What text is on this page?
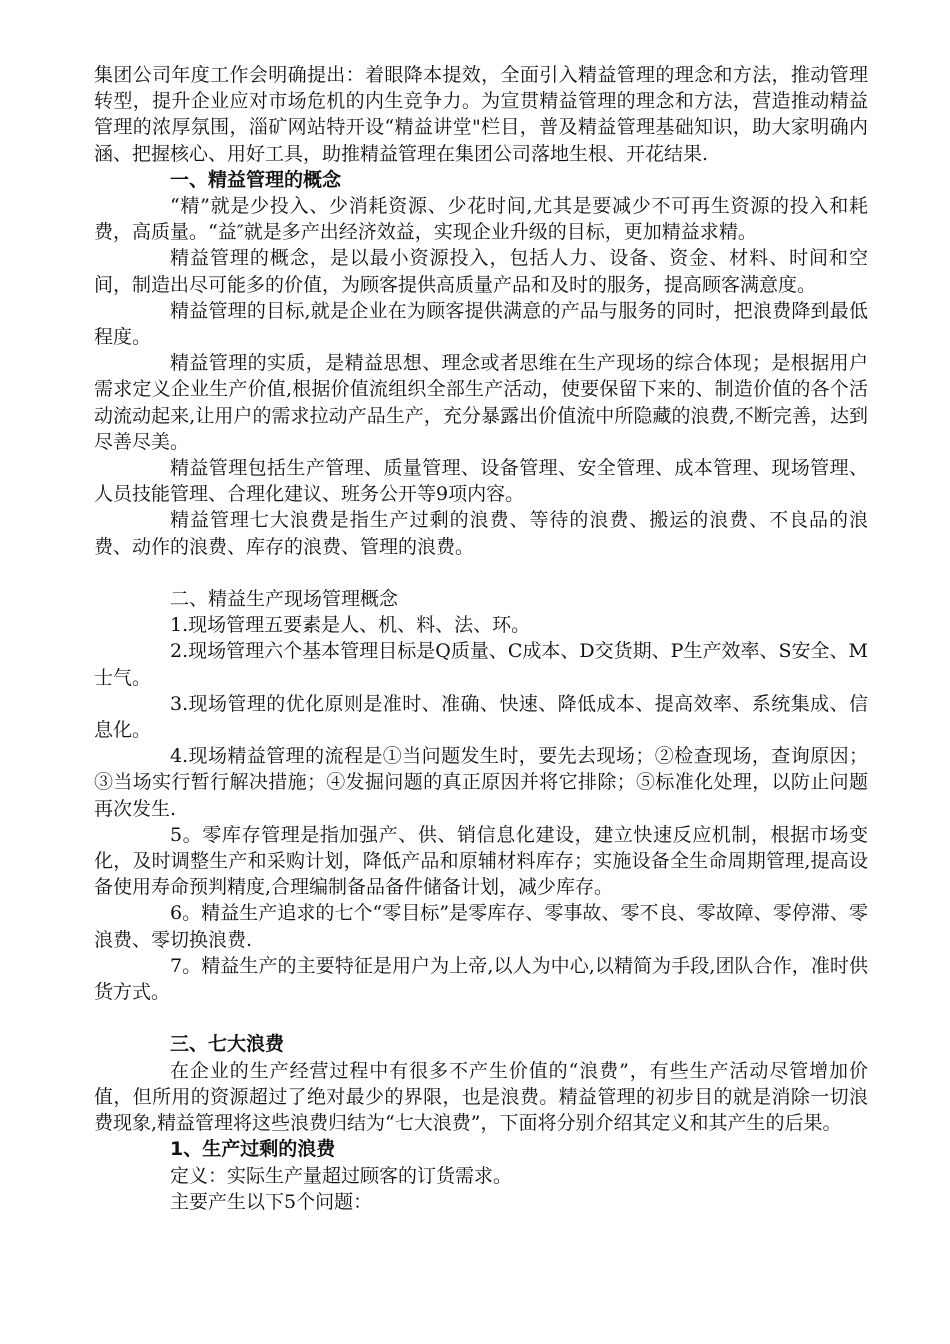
集团公司年度工作会明确提出：着眼降本提效，全面引入精益管理的理念和方法，推动管理转型，提升企业应对市场危机的内生竞争力。为宣贯精益管理的理念和方法，营造推动精益管理的浓厚氛围，淄矿网站特开设“精益讲堂"栏目，普及精益管理基础知识，助大家明确内涵、把握核心、用好工具，助推精益管理在集团公司落地生根、开花结果.

一、精益管理的概念

“精”就是少投入、少消耗资源、少花时间,尤其是要减少不可再生资源的投入和耗费，高质量。“益″就是多产出经济效益，实现企业升级的目标，更加精益求精。

精益管理的概念，是以最小资源投入，包括人力、设备、资金、材料、时间和空间，制造出尽可能多的价值，为顾客提供高质量产品和及时的服务，提高顾客满意度。

精益管理的目标,就是企业在为顾客提供满意的产品与服务的同时，把浪费降到最低程度。

精益管理的实质，是精益思想、理念或者思维在生产现场的综合体现；是根据用户需求定义企业生产价值,根据价值流组织全部生产活动，使要保留下来的、制造价值的各个活动流动起来,让用户的需求拉动产品生产，充分暴露出价值流中所隐藏的浪费,不断完善，达到尽善尽美。

精益管理包括生产管理、质量管理、设备管理、安全管理、成本管理、现场管理、人员技能管理、合理化建议、班务公开等9项内容。

精益管理七大浪费是指生产过剩的浪费、等待的浪费、搬运的浪费、不良品的浪费、动作的浪费、库存的浪费、管理的浪费。

二、精益生产现场管理概念

1.现场管理五要素是人、机、料、法、环。

2.现场管理六个基本管理目标是Q质量、C成本、D交货期、P生产效率、S安全、M士气。

3.现场管理的优化原则是准时、准确、快速、降低成本、提高效率、系统集成、信息化。

4.现场精益管理的流程是①当问题发生时，要先去现场；②检查现场，查询原因；③当场实行暂行解决措施；④发掘问题的真正原因并将它排除；⑤标准化处理，以防止问题再次发生.

5。零库存管理是指加强产、供、销信息化建设，建立快速反应机制，根据市场变化，及时调整生产和采购计划，降低产品和原辅材料库存；实施设备全生命周期管理,提高设备使用寿命预判精度,合理编制备品备件储备计划，减少库存。

6。精益生产追求的七个“零目标”是零库存、零事故、零不良、零故障、零停滞、零浪费、零切换浪费.

7。精益生产的主要特征是用户为上帝,以人为中心,以精简为手段,团队合作，准时供货方式。

三、七大浪费

在企业的生产经营过程中有很多不产生价值的“浪费”，有些生产活动尽管增加价值，但所用的资源超过了绝对最少的界限，也是浪费。精益管理的初步目的就是消除一切浪费现象,精益管理将这些浪费归结为“七大浪费”，下面将分别介绍其定义和其产生的后果。

1、生产过剩的浪费

定义：实际生产量超过顾客的订货需求。

主要产生以下5个问题：
